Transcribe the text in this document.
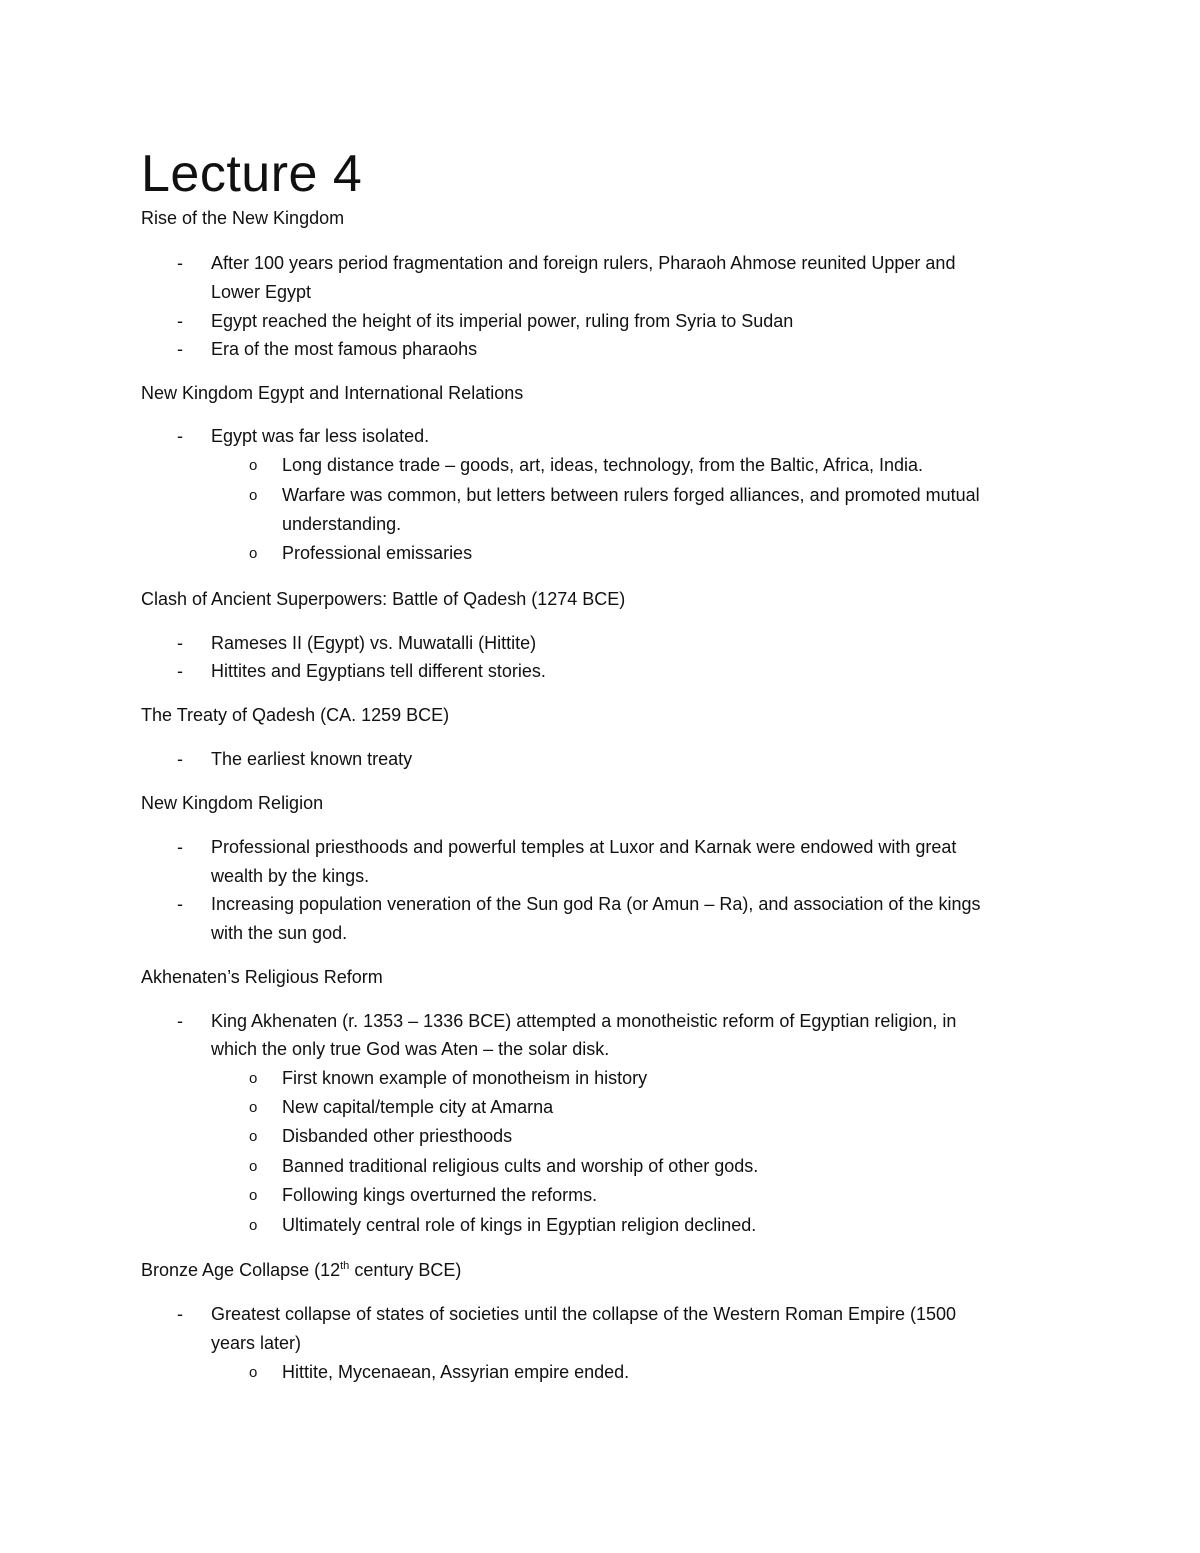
Lecture 4
Rise of the New Kingdom
- After 100 years period fragmentation and foreign rulers, Pharaoh Ahmose reunited Upper and
Lower Egypt
- Egypt reached the height of its imperial power, ruling from Syria to Sudan
- Era of the most famous pharaohs
New Kingdom Egypt and International Relations
- Egypt was far less isolated.
o Long distance trade – goods, art, ideas, technology, from the Baltic, Africa, India.
o Warfare was common, but letters between rulers forged alliances, and promoted mutual
understanding.
o Professional emissaries
Clash of Ancient Superpowers: Battle of Qadesh (1274 BCE)
- Rameses II (Egypt) vs. Muwatalli (Hittite)
- Hittites and Egyptians tell different stories.
The Treaty of Qadesh (CA. 1259 BCE)
- The earliest known treaty
New Kingdom Religion
- Professional priesthoods and powerful temples at Luxor and Karnak were endowed with great
wealth by the kings.
- Increasing population veneration of the Sun god Ra (or Amun – Ra), and association of the kings
with the sun god.
Akhenaten’s Religious Reform
- King Akhenaten (r. 1353 – 1336 BCE) attempted a monotheistic reform of Egyptian religion, in
which the only true God was Aten – the solar disk.
o First known example of monotheism in history
o New capital/temple city at Amarna
o Disbanded other priesthoods
o Banned traditional religious cults and worship of other gods.
o Following kings overturned the reforms.
o Ultimately central role of kings in Egyptian religion declined.
Bronze Age Collapse (12th century BCE)
- Greatest collapse of states of societies until the collapse of the Western Roman Empire (1500
years later)
o Hittite, Mycenaean, Assyrian empire ended.
